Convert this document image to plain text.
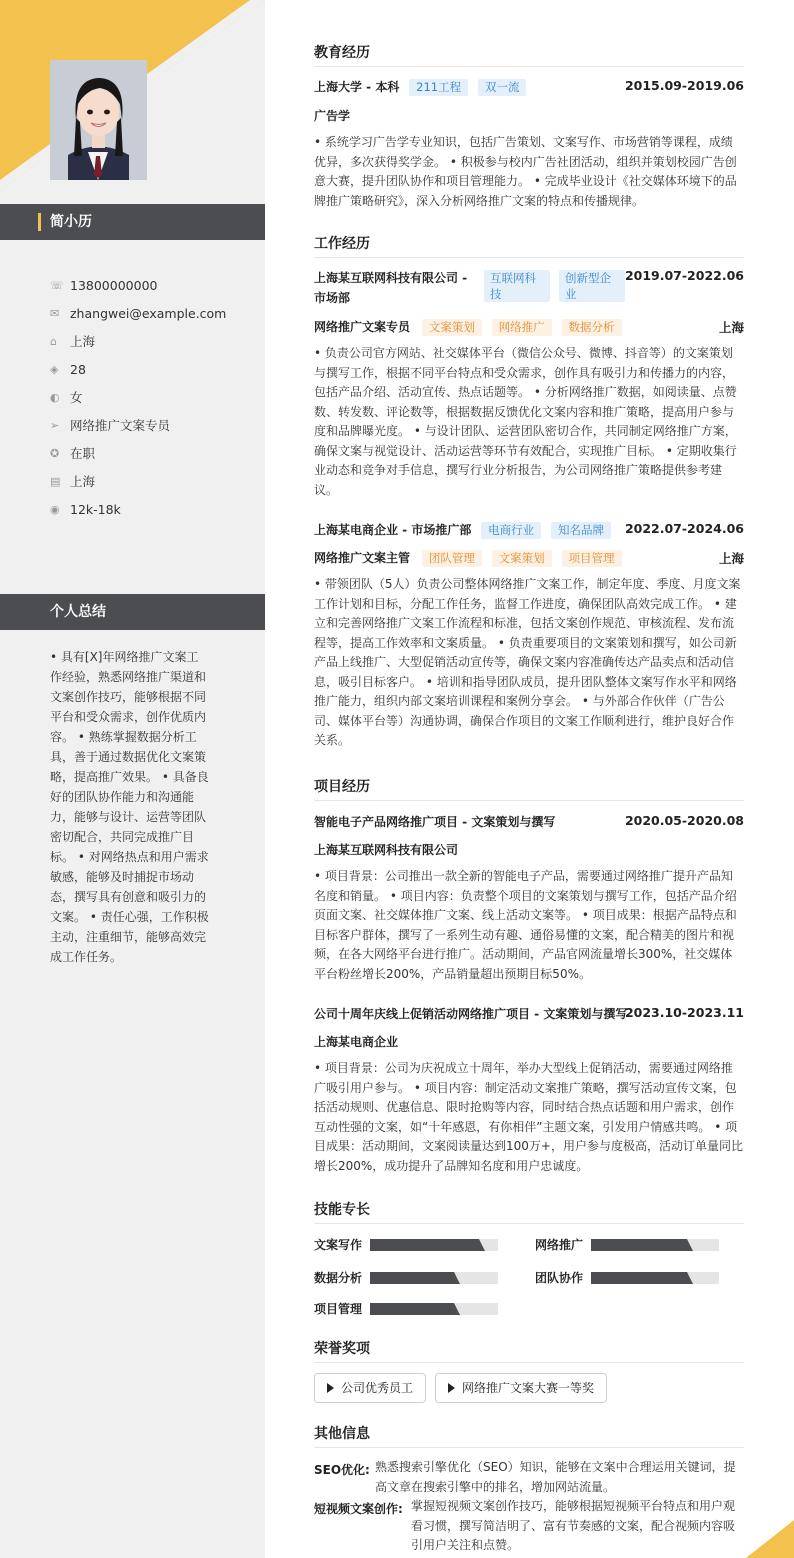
简小历
☏ 13800000000
✉ zhangwei@example.com
⌂	上海
◈ 28
◐ 女
➢ 网络推广文案专员
✪ 在职
▤ 上海
◉ 12k-18k
个人总结
• 具有[X]年网络推广文案工作经验，熟悉网络推广渠道和文案创作技巧，能够根据不同平台和受众需求，创作优质内容。 • 熟练掌握数据分析工具，善于通过数据优化文案策略，提高推广效果。 • 具备良好的团队协作能力和沟通能力，能够与设计、运营等团队密切配合，共同完成推广目标。 • 对网络热点和用户需求敏感，能够及时捕捉市场动态，撰写具有创意和吸引力的文案。 • 责任心强，工作积极主动，注重细节，能够高效完成工作任务。
教育经历
上海大学 - 本科 211工程 双一流	2015.09-2019.06
广告学
• 系统学习广告学专业知识，包括广告策划、文案写作、市场营销等课程，成绩优异，多次获得奖学金。 • 积极参与校内广告社团活动，组织并策划校园广告创意大赛，提升团队协作和项目管理能力。 • 完成毕业设计《社交媒体环境下的品牌推广策略研究》，深入分析网络推广文案的特点和传播规律。
工作经历
上海某互联网科技有限公司 - 市场部
互联网科技
创新型企业
2019.07-2022.06
网络推广文案专员 文案策划 网络推广 数据分析	上海
• 负责公司官方网站、社交媒体平台（微信公众号、微博、抖音等）的文案策划与撰写工作，根据不同平台特点和受众需求，创作具有吸引力和传播力的内容，包括产品介绍、活动宣传、热点话题等。 • 分析网络推广数据，如阅读量、点赞数、转发数、评论数等，根据数据反馈优化文案内容和推广策略，提高用户参与度和品牌曝光度。 • 与设计团队、运营团队密切合作，共同制定网络推广方案，确保文案与视觉设计、活动运营等环节有效配合，实现推广目标。 • 定期收集行业动态和竞争对手信息，撰写行业分析报告，为公司网络推广策略提供参考建议。
上海某电商企业 - 市场推广部 电商行业 知名品牌 2022.07-2024.06
网络推广文案主管 团队管理 文案策划 项目管理	上海
• 带领团队（5人）负责公司整体网络推广文案工作，制定年度、季度、月度文案工作计划和目标，分配工作任务，监督工作进度，确保团队高效完成工作。 • 建立和完善网络推广文案工作流程和标准，包括文案创作规范、审核流程、发布流程等，提高工作效率和文案质量。 • 负责重要项目的文案策划和撰写，如公司新产品上线推广、大型促销活动宣传等，确保文案内容准确传达产品卖点和活动信息，吸引目标客户。 • 培训和指导团队成员，提升团队整体文案写作水平和网络推广能力，组织内部文案培训课程和案例分享会。 • 与外部合作伙伴（广告公司、媒体平台等）沟通协调，确保合作项目的文案工作顺利进行，维护良好合作关系。
项目经历
智能电子产品网络推广项目 - 文案策划与撰写	2020.05-2020.08
上海某互联网科技有限公司
• 项目背景：公司推出一款全新的智能电子产品，需要通过网络推广提升产品知名度和销量。 • 项目内容：负责整个项目的文案策划与撰写工作，包括产品介绍页面文案、社交媒体推广文案、线上活动文案等。 • 项目成果：根据产品特点和目标客户群体，撰写了一系列生动有趣、通俗易懂的文案，配合精美的图片和视频，在各大网络平台进行推广。活动期间，产品官网流量增长300%，社交媒体平台粉丝增长200%，产品销量超出预期目标50%。
公司十周年庆线上促销活动网络推广项目 - 文案策划与撰写
2023.10-2023.11
上海某电商企业
• 项目背景：公司为庆祝成立十周年，举办大型线上促销活动，需要通过网络推广吸引用户参与。 • 项目内容：制定活动文案推广策略，撰写活动宣传文案，包括活动规则、优惠信息、限时抢购等内容，同时结合热点话题和用户需求，创作互动性强的文案，如“十年感恩，有你相伴”主题文案，引发用户情感共鸣。 • 项目成果：活动期间，文案阅读量达到100万+，用户参与度极高，活动订单量同比增长200%，成功提升了品牌知名度和用户忠诚度。
技能专长
文案写作	网络推广
数据分析	团队协作
项目管理
荣誉奖项
公司优秀员工	网络推广文案大赛一等奖
其他信息
SEO优化: 熟悉搜索引擎优化（SEO）知识，能够在文案中合理运用关键词，提高文章在搜索引擎中的排名，增加网站流量。
短视频文案创作: 掌握短视频文案创作技巧，能够根据短视频平台特点和用户观看习惯，撰写简洁明了、富有节奏感的文案，配合视频内容吸引用户关注和点赞。
